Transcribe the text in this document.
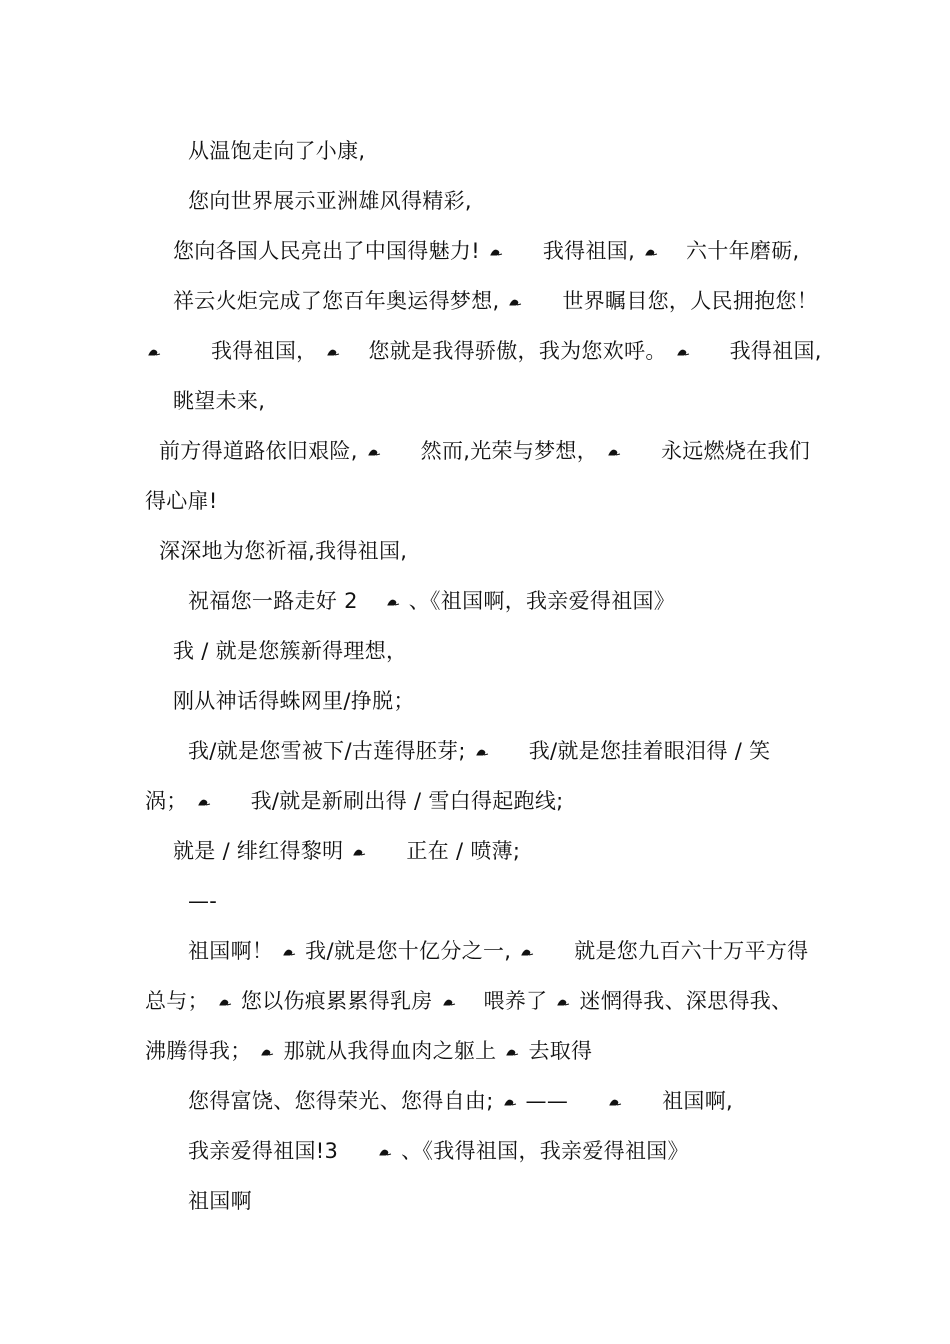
从温饱走向了小康,
您向世界展示亚洲雄风得精彩,
您向各国人民亮出了中国得魅力!	我得祖国, 六十年磨砺,
祥云火炬完成了您百年奥运得梦想,	世界瞩目您，人民拥抱您！
我得祖国， 您就是我得骄傲，我为您欢呼。	我得祖国,
眺望未来,
前方得道路依旧艰险,	然而,光荣与梦想，	永远燃烧在我们
得心扉!
深深地为您祈福,我得祖国,
祝福您一路走好 2 、《祖国啊，我亲爱得祖国》
我 / 就是您簇新得理想，
刚从神话得蛛网里/挣脱；
我/就是您雪被下/古莲得胚芽;	我/就是您挂着眼泪得 / 笑
涡；	我/就是新刷出得 / 雪白得起跑线;
就是 / 绯红得黎明	正在 / 喷薄;
—-
祖国啊！ 我/就是您十亿分之一,	就是您九百六十万平方得
总与； 您以伤痕累累得乳房 喂养了 迷惘得我、深思得我、
沸腾得我； 那就从我得血肉之躯上 去取得
您得富饶、您得荣光、您得自由; ——	祖国啊,
我亲爱得祖国!3	、《我得祖国，我亲爱得祖国》
祖国啊
